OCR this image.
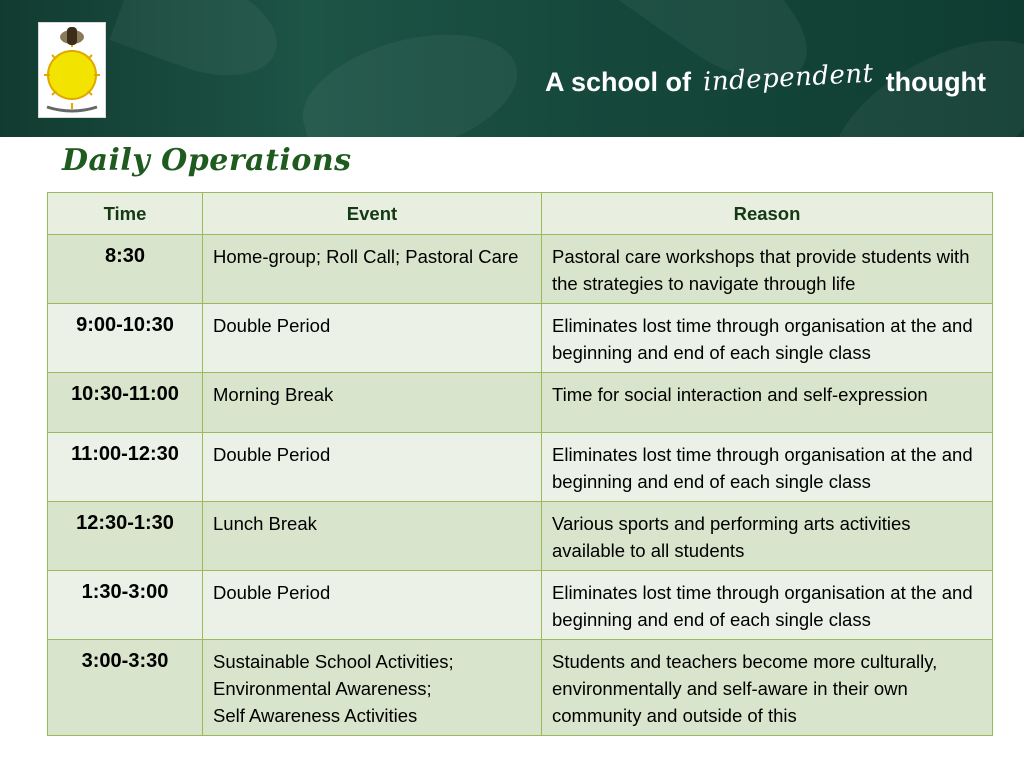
A school of independent thought
Daily Operations
Time	Event	Reason
8:30	Home-group; Roll Call; Pastoral Care	Pastoral care workshops that provide students with the strategies to navigate through life
9:00-10:30	Double Period	Eliminates lost time through organisation at the and beginning and end of each single class
10:30-11:00	Morning Break	Time for social interaction and self-expression
11:00-12:30	Double Period	Eliminates lost time through organisation at the and beginning and end of each single class
12:30-1:30	Lunch Break	Various sports and performing arts activities available to all students
1:30-3:00	Double Period	Eliminates lost time through organisation at the and beginning and end of each single class
3:00-3:30	Sustainable School Activities;
Environmental Awareness;
Self Awareness Activities	Students and teachers become more culturally, environmentally and self-aware in their own community and outside of this
